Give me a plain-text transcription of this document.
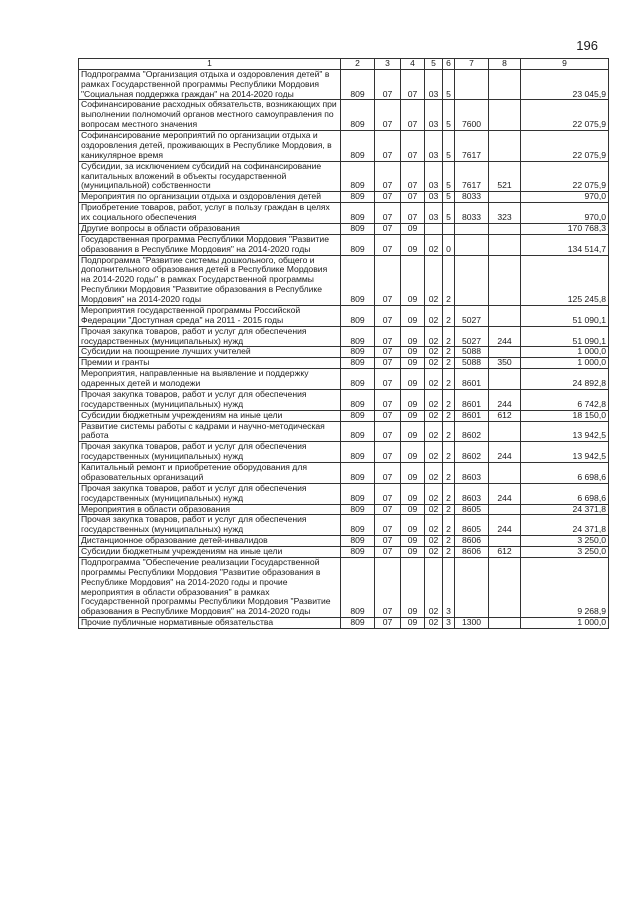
196
1	2	3	4	5	6	7	8	9
Подпрограмма "Организация отдыха и оздоровления детей" в рамках Государственной программы Республики Мордовия "Социальная поддержка граждан" на 2014-2020 годы	809	07	07	03	5			23 045,9
Софинансирование расходных обязательств, возникающих при выполнении полномочий органов местного самоуправления по вопросам местного значения	809	07	07	03	5	7600		22 075,9
Софинансирование мероприятий по организации отдыха и оздоровления детей, проживающих в Республике Мордовия, в каникулярное время	809	07	07	03	5	7617		22 075,9
Субсидии, за исключением субсидий на софинансирование капитальных вложений в объекты государственной (муниципальной) собственности	809	07	07	03	5	7617	521	22 075,9
Мероприятия по организации отдыха и оздоровления детей	809	07	07	03	5	8033		970,0
Приобретение товаров, работ, услуг в пользу граждан в целях их социального обеспечения	809	07	07	03	5	8033	323	970,0
Другие вопросы в области образования	809	07	09					170 768,3
Государственная программа Республики Мордовия "Развитие образования в Республике Мордовия" на 2014-2020 годы	809	07	09	02	0			134 514,7
Подпрограмма "Развитие системы дошкольного, общего и дополнительного образования детей в Республике Мордовия на 2014-2020 годы" в рамках Государственной программы Республики Мордовия "Развитие образования в Республике Мордовия" на 2014-2020 годы	809	07	09	02	2			125 245,8
Мероприятия государственной программы Российской Федерации "Доступная среда" на 2011 - 2015 годы	809	07	09	02	2	5027		51 090,1
Прочая закупка товаров, работ и услуг для обеспечения государственных (муниципальных) нужд	809	07	09	02	2	5027	244	51 090,1
Субсидии на поощрение лучших учителей	809	07	09	02	2	5088		1 000,0
Премии и гранты	809	07	09	02	2	5088	350	1 000,0
Мероприятия, направленные на выявление и поддержку одаренных детей и молодежи	809	07	09	02	2	8601		24 892,8
Прочая закупка товаров, работ и услуг для обеспечения государственных (муниципальных) нужд	809	07	09	02	2	8601	244	6 742,8
Субсидии бюджетным учреждениям на иные цели	809	07	09	02	2	8601	612	18 150,0
Развитие системы работы с кадрами и научно-методическая работа	809	07	09	02	2	8602		13 942,5
Прочая закупка товаров, работ и услуг для обеспечения государственных (муниципальных) нужд	809	07	09	02	2	8602	244	13 942,5
Капитальный ремонт и приобретение оборудования для образовательных организаций	809	07	09	02	2	8603		6 698,6
Прочая закупка товаров, работ и услуг для обеспечения государственных (муниципальных) нужд	809	07	09	02	2	8603	244	6 698,6
Мероприятия в области образования	809	07	09	02	2	8605		24 371,8
Прочая закупка товаров, работ и услуг для обеспечения государственных (муниципальных) нужд	809	07	09	02	2	8605	244	24 371,8
Дистанционное образование детей-инвалидов	809	07	09	02	2	8606		3 250,0
Субсидии бюджетным учреждениям на иные цели	809	07	09	02	2	8606	612	3 250,0
Подпрограмма "Обеспечение реализации Государственной программы Республики Мордовия "Развитие образования в Республике Мордовия" на 2014-2020 годы и прочие мероприятия в области образования" в рамках Государственной программы Республики Мордовия "Развитие образования в Республике Мордовия" на 2014-2020 годы	809	07	09	02	3			9 268,9
Прочие публичные нормативные обязательства	809	07	09	02	3	1300		1 000,0
